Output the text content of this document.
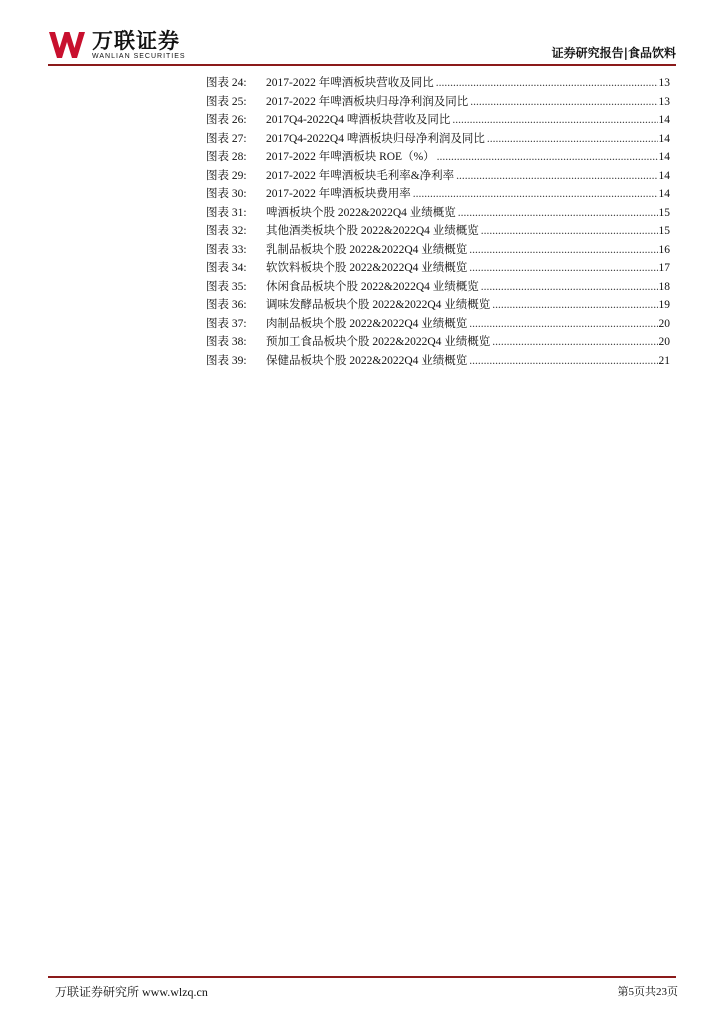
万联证券
WANLIAN SECURITIES	证券研究报告|食品饮料
图表 24:	2017-2022 年啤酒板块营收及同比 .....	13
图表 25:	2017-2022 年啤酒板块归母净利润及同比 .....	13
图表 26:	2017Q4-2022Q4 啤酒板块营收及同比 .....	14
图表 27:	2017Q4-2022Q4 啤酒板块归母净利润及同比 .....	14
图表 28:	2017-2022 年啤酒板块 ROE（%） .....	14
图表 29:	2017-2022 年啤酒板块毛利率&净利率 .....	14
图表 30:	2017-2022 年啤酒板块费用率 .....	14
图表 31:	啤酒板块个股 2022&2022Q4 业绩概览 .....	15
图表 32:	其他酒类板块个股 2022&2022Q4 业绩概览 .....	15
图表 33:	乳制品板块个股 2022&2022Q4 业绩概览 .....	16
图表 34:	软饮料板块个股 2022&2022Q4 业绩概览 .....	17
图表 35:	休闲食品板块个股 2022&2022Q4 业绩概览 .....	18
图表 36:	调味发酵品板块个股 2022&2022Q4 业绩概览 .....	19
图表 37:	肉制品板块个股 2022&2022Q4 业绩概览 .....	20
图表 38:	预加工食品板块个股 2022&2022Q4 业绩概览 .....	20
图表 39:	保健品板块个股 2022&2022Q4 业绩概览 .....	21
万联证券研究所 www.wlzq.cn	第5页共23页
